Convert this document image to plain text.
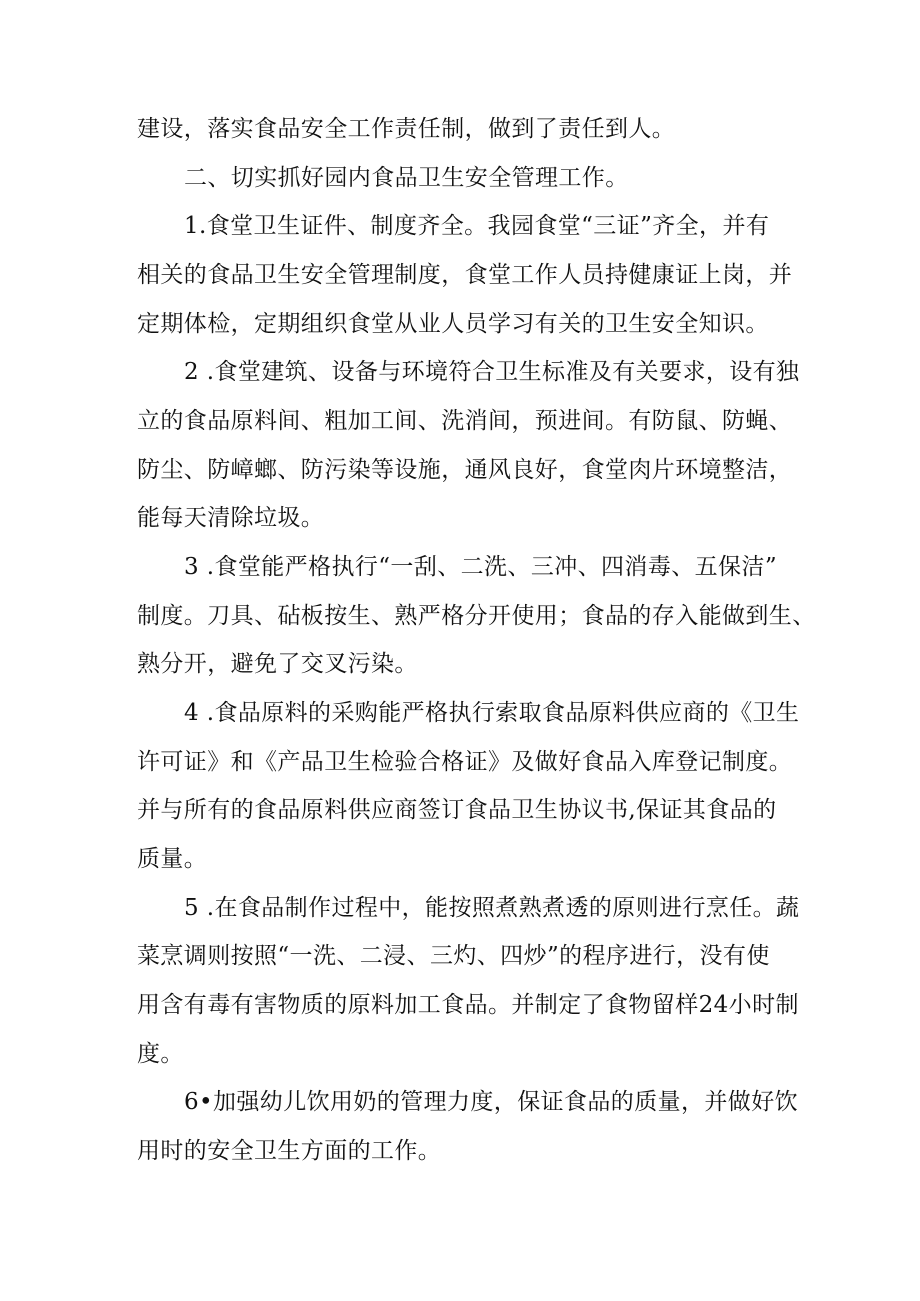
建设，落实食品安全工作责任制，做到了责任到人。
二、切实抓好园内食品卫生安全管理工作。
1.食堂卫生证件、制度齐全。我园食堂“三证”齐全，并有
相关的食品卫生安全管理制度，食堂工作人员持健康证上岗，并
定期体检，定期组织食堂从业人员学习有关的卫生安全知识。
2 .食堂建筑、设备与环境符合卫生标准及有关要求，设有独
立的食品原料间、粗加工间、洗消间，预进间。有防鼠、防蝇、
防尘、防嶂螂、防污染等设施，通风良好，食堂肉片环境整洁，
能每天清除垃圾。
3 .食堂能严格执行“一刮、二洗、三冲、四消毒、五保洁”
制度。刀具、砧板按生、熟严格分开使用；食品的存入能做到生、
熟分开，避免了交叉污染。
4 .食品原料的采购能严格执行索取食品原料供应商的《卫生
许可证》和《产品卫生检验合格证》及做好食品入库登记制度。
并与所有的食品原料供应商签订食品卫生协议书,保证其食品的
质量。
5 .在食品制作过程中，能按照煮熟煮透的原则进行烹任。蔬
菜烹调则按照“一洗、二浸、三灼、四炒”的程序进行，没有使
用含有毒有害物质的原料加工食品。并制定了食物留样24小时制
度。
6•加强幼儿饮用奶的管理力度，保证食品的质量，并做好饮
用时的安全卫生方面的工作。
